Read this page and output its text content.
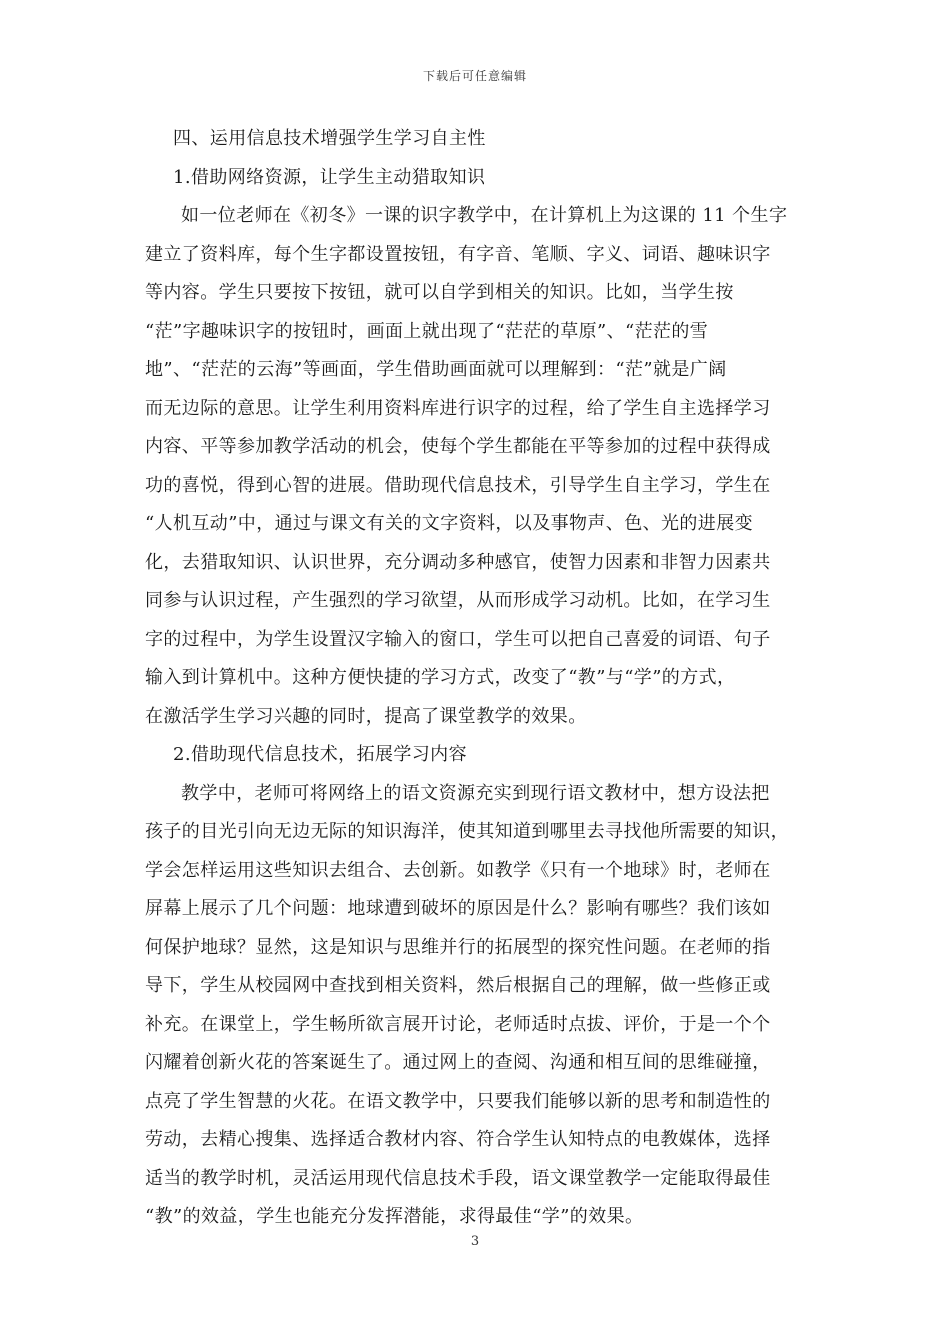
下载后可任意编辑
四、运用信息技术增强学生学习自主性
1.借助网络资源，让学生主动猎取知识
如一位老师在《初冬》一课的识字教学中，在计算机上为这课的 11 个生字
建立了资料库，每个生字都设置按钮，有字音、笔顺、字义、词语、趣味识字
等内容。学生只要按下按钮，就可以自学到相关的知识。比如，当学生按
“茫”字趣味识字的按钮时，画面上就出现了“茫茫的草原”、“茫茫的雪
地”、“茫茫的云海”等画面，学生借助画面就可以理解到：“茫”就是广阔
而无边际的意思。让学生利用资料库进行识字的过程，给了学生自主选择学习
内容、平等参加教学活动的机会，使每个学生都能在平等参加的过程中获得成
功的喜悦，得到心智的进展。借助现代信息技术，引导学生自主学习，学生在
“人机互动”中，通过与课文有关的文字资料，以及事物声、色、光的进展变
化，去猎取知识、认识世界，充分调动多种感官，使智力因素和非智力因素共
同参与认识过程，产生强烈的学习欲望，从而形成学习动机。比如，在学习生
字的过程中，为学生设置汉字输入的窗口，学生可以把自己喜爱的词语、句子
输入到计算机中。这种方便快捷的学习方式，改变了“教”与“学”的方式，
在激活学生学习兴趣的同时，提高了课堂教学的效果。
2.借助现代信息技术，拓展学习内容
教学中，老师可将网络上的语文资源充实到现行语文教材中，想方设法把
孩子的目光引向无边无际的知识海洋，使其知道到哪里去寻找他所需要的知识，
学会怎样运用这些知识去组合、去创新。如教学《只有一个地球》时，老师在
屏幕上展示了几个问题：地球遭到破坏的原因是什么？影响有哪些？我们该如
何保护地球？显然，这是知识与思维并行的拓展型的探究性问题。在老师的指
导下，学生从校园网中查找到相关资料，然后根据自己的理解，做一些修正或
补充。在课堂上，学生畅所欲言展开讨论，老师适时点拔、评价，于是一个个
闪耀着创新火花的答案诞生了。通过网上的查阅、沟通和相互间的思维碰撞，
点亮了学生智慧的火花。在语文教学中，只要我们能够以新的思考和制造性的
劳动，去精心搜集、选择适合教材内容、符合学生认知特点的电教媒体，选择
适当的教学时机，灵活运用现代信息技术手段，语文课堂教学一定能取得最佳
“教”的效益，学生也能充分发挥潜能，求得最佳“学”的效果。
3
